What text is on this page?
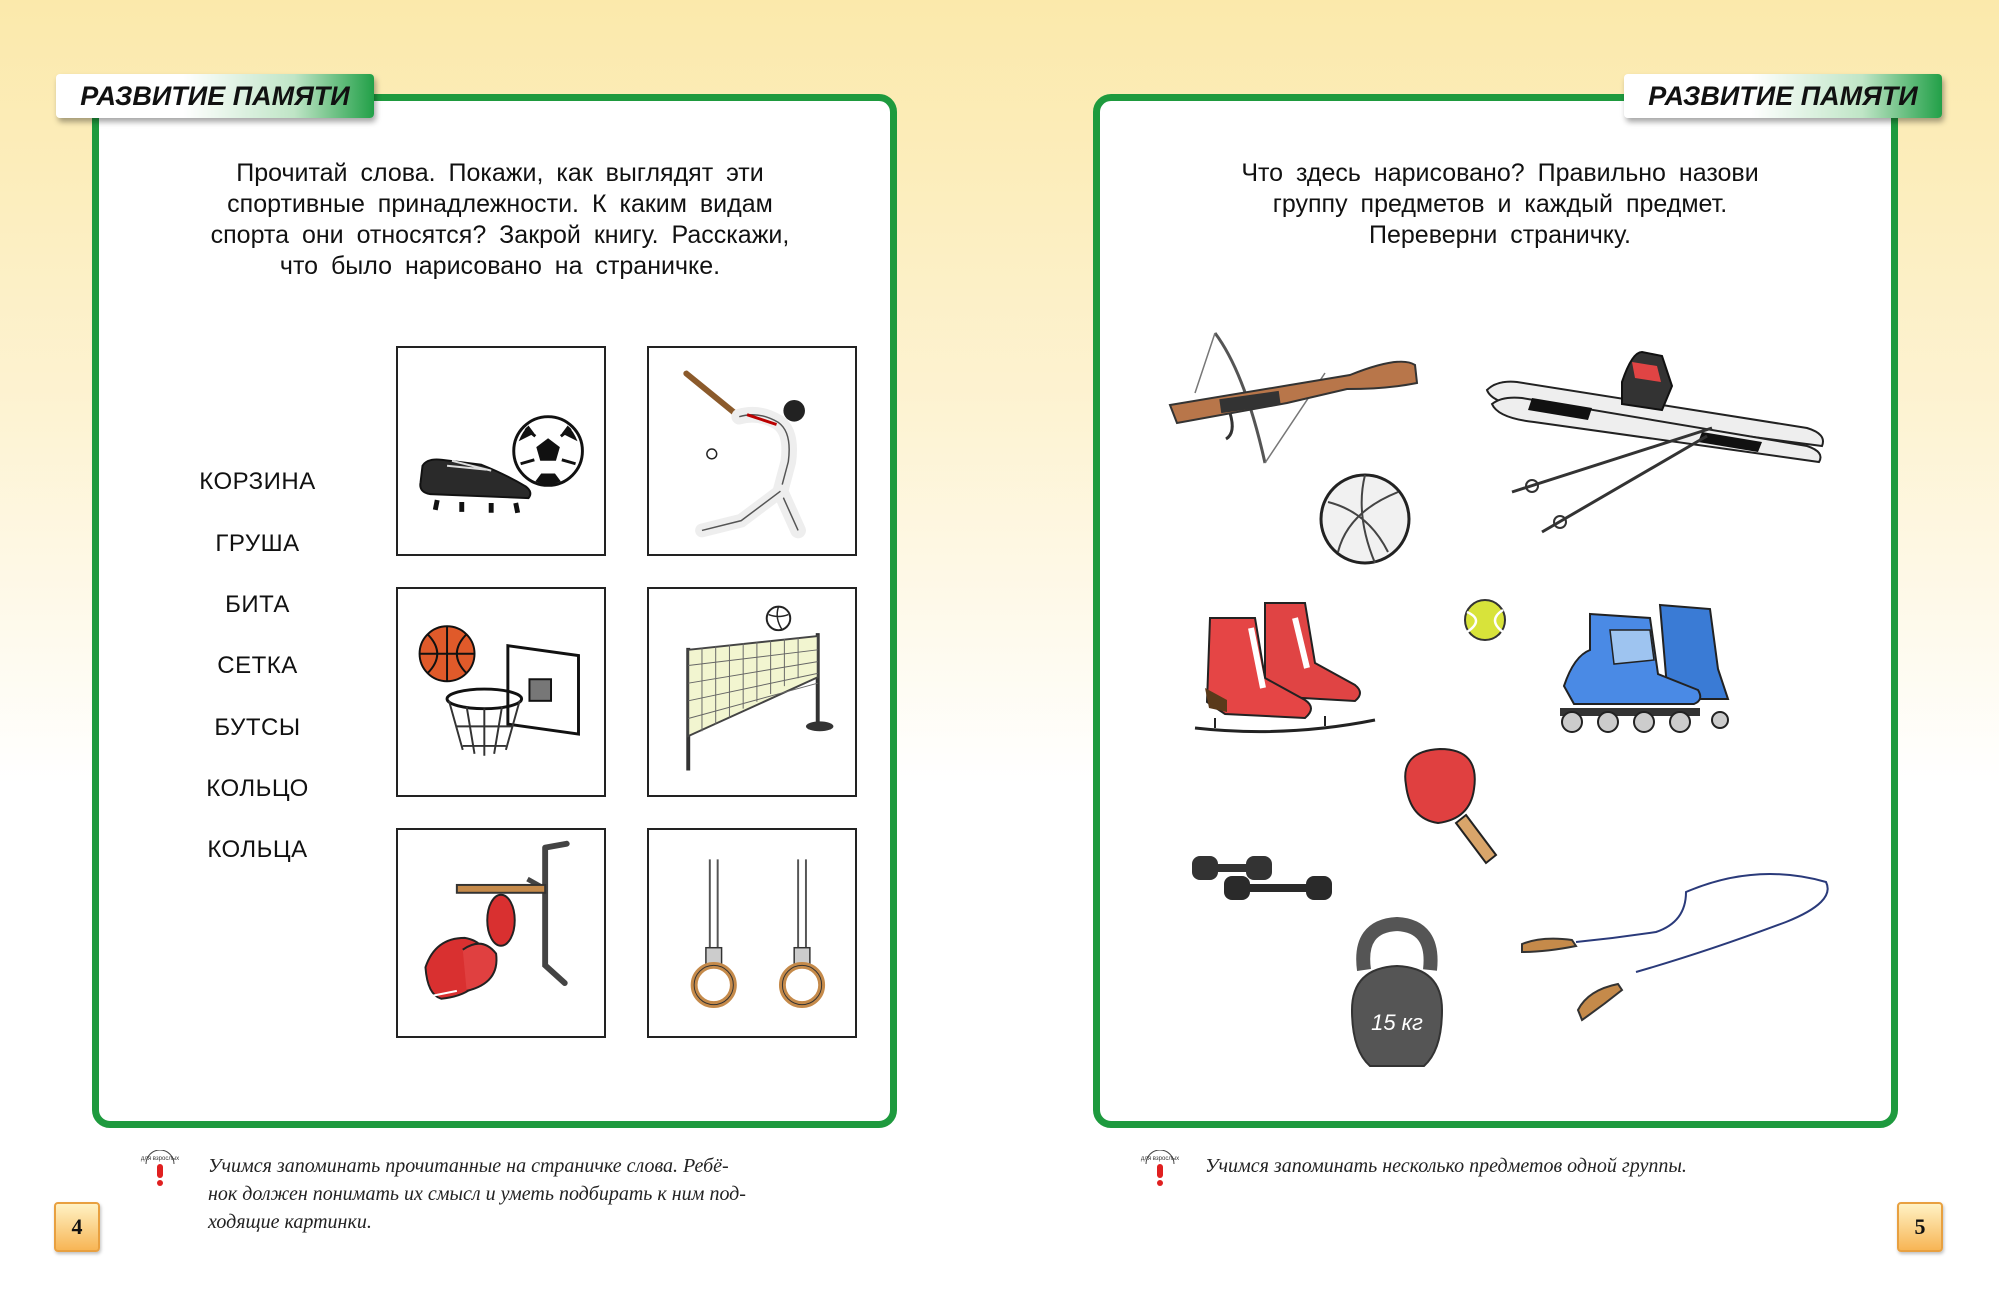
РАЗВИТИЕ ПАМЯТИ
Прочитай слова. Покажи, как выглядят эти
спортивные принадлежности. К каким видам
спорта они относятся? Закрой книгу. Расскажи,
что было нарисовано на страничке.
КОРЗИНА
ГРУША
БИТА
СЕТКА
БУТСЫ
КОЛЬЦО
КОЛЬЦА
для взрослых Учимся запоминать прочитанные на страничке слова. Ребё-
нок должен понимать их смысл и уметь подбирать к ним под-
ходящие картинки.
4
РАЗВИТИЕ ПАМЯТИ
Что здесь нарисовано? Правильно назови
группу предметов и каждый предмет.
Переверни страничку.
15 кг
для взрослых Учимся запоминать несколько предметов одной группы.
5
